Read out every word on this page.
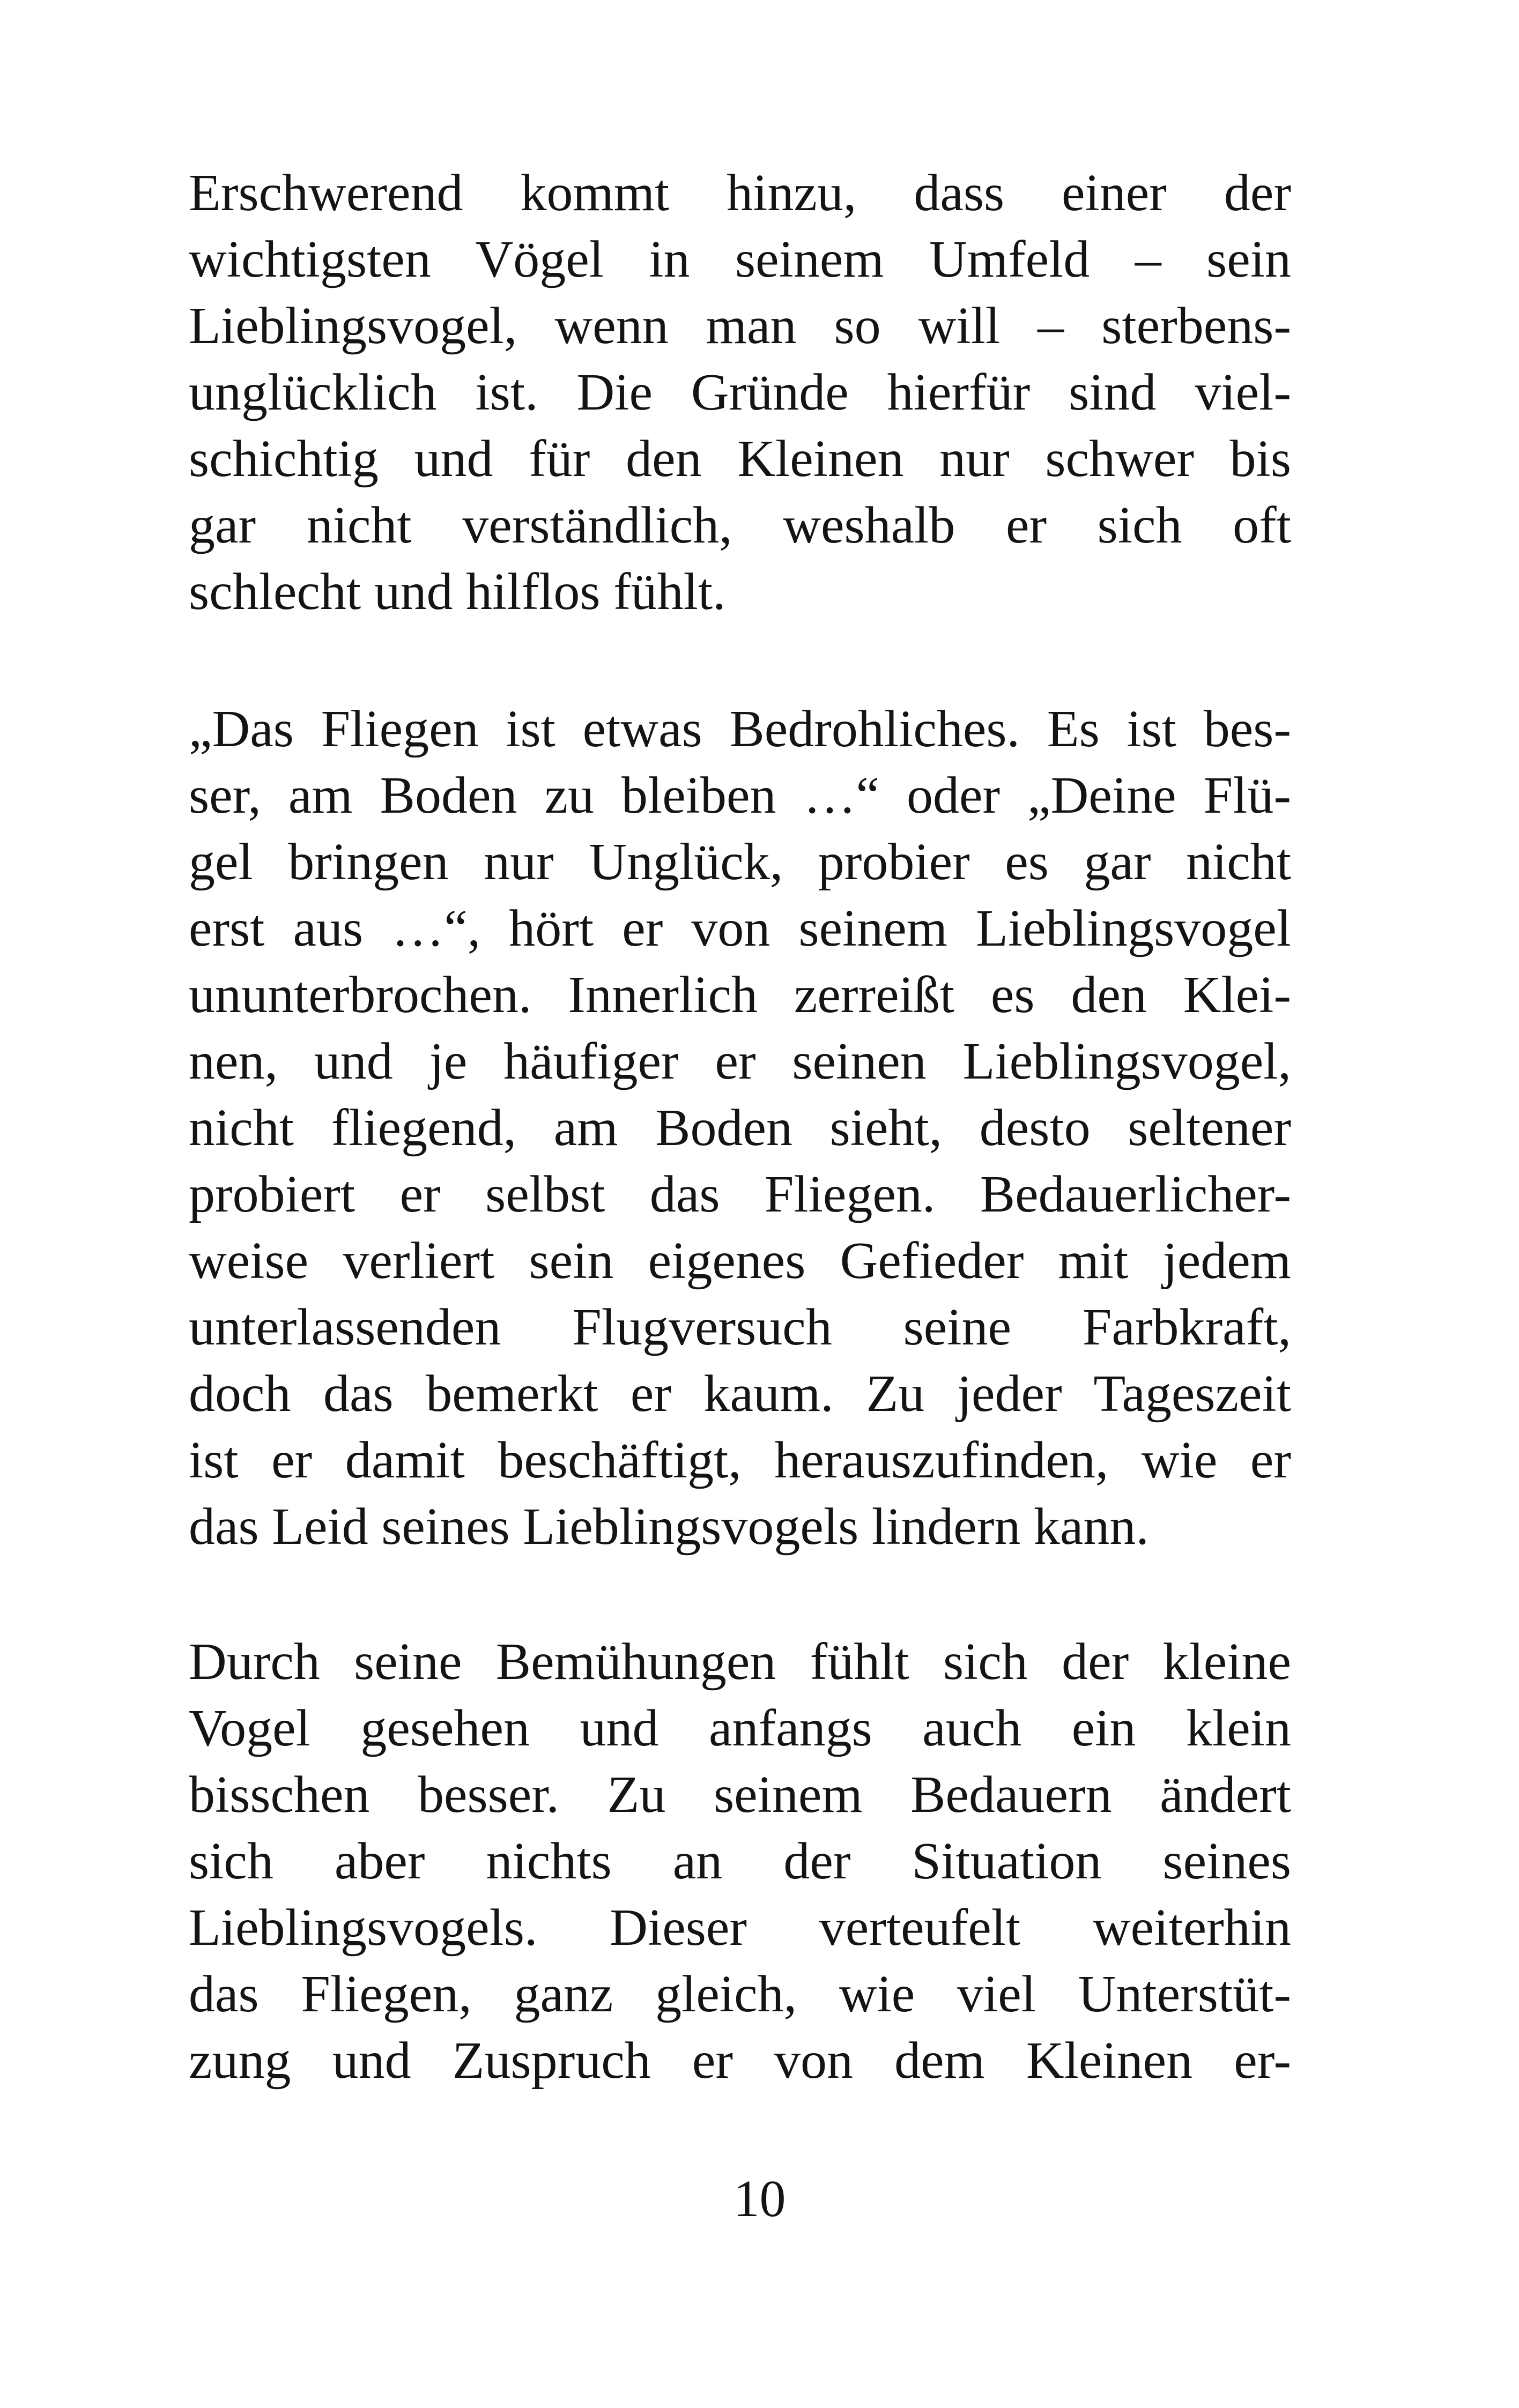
Erschwerend kommt hinzu, dass einer der
wichtigsten Vögel in seinem Umfeld – sein
Lieblingsvogel, wenn man so will – sterbens-
unglücklich ist. Die Gründe hierfür sind viel-
schichtig und für den Kleinen nur schwer bis
gar nicht verständlich, weshalb er sich oft
schlecht und hilflos fühlt.
„Das Fliegen ist etwas Bedrohliches. Es ist bes-
ser, am Boden zu bleiben …“ oder „Deine Flü-
gel bringen nur Unglück, probier es gar nicht
erst aus …“, hört er von seinem Lieblingsvogel
ununterbrochen. Innerlich zerreißt es den Klei-
nen, und je häufiger er seinen Lieblingsvogel,
nicht fliegend, am Boden sieht, desto seltener
probiert er selbst das Fliegen. Bedauerlicher-
weise verliert sein eigenes Gefieder mit jedem
unterlassenden Flugversuch seine Farbkraft,
doch das bemerkt er kaum. Zu jeder Tageszeit
ist er damit beschäftigt, herauszufinden, wie er
das Leid seines Lieblingsvogels lindern kann.
Durch seine Bemühungen fühlt sich der kleine
Vogel gesehen und anfangs auch ein klein
bisschen besser. Zu seinem Bedauern ändert
sich aber nichts an der Situation seines
Lieblingsvogels. Dieser verteufelt weiterhin
das Fliegen, ganz gleich, wie viel Unterstüt-
zung und Zuspruch er von dem Kleinen er-
10
